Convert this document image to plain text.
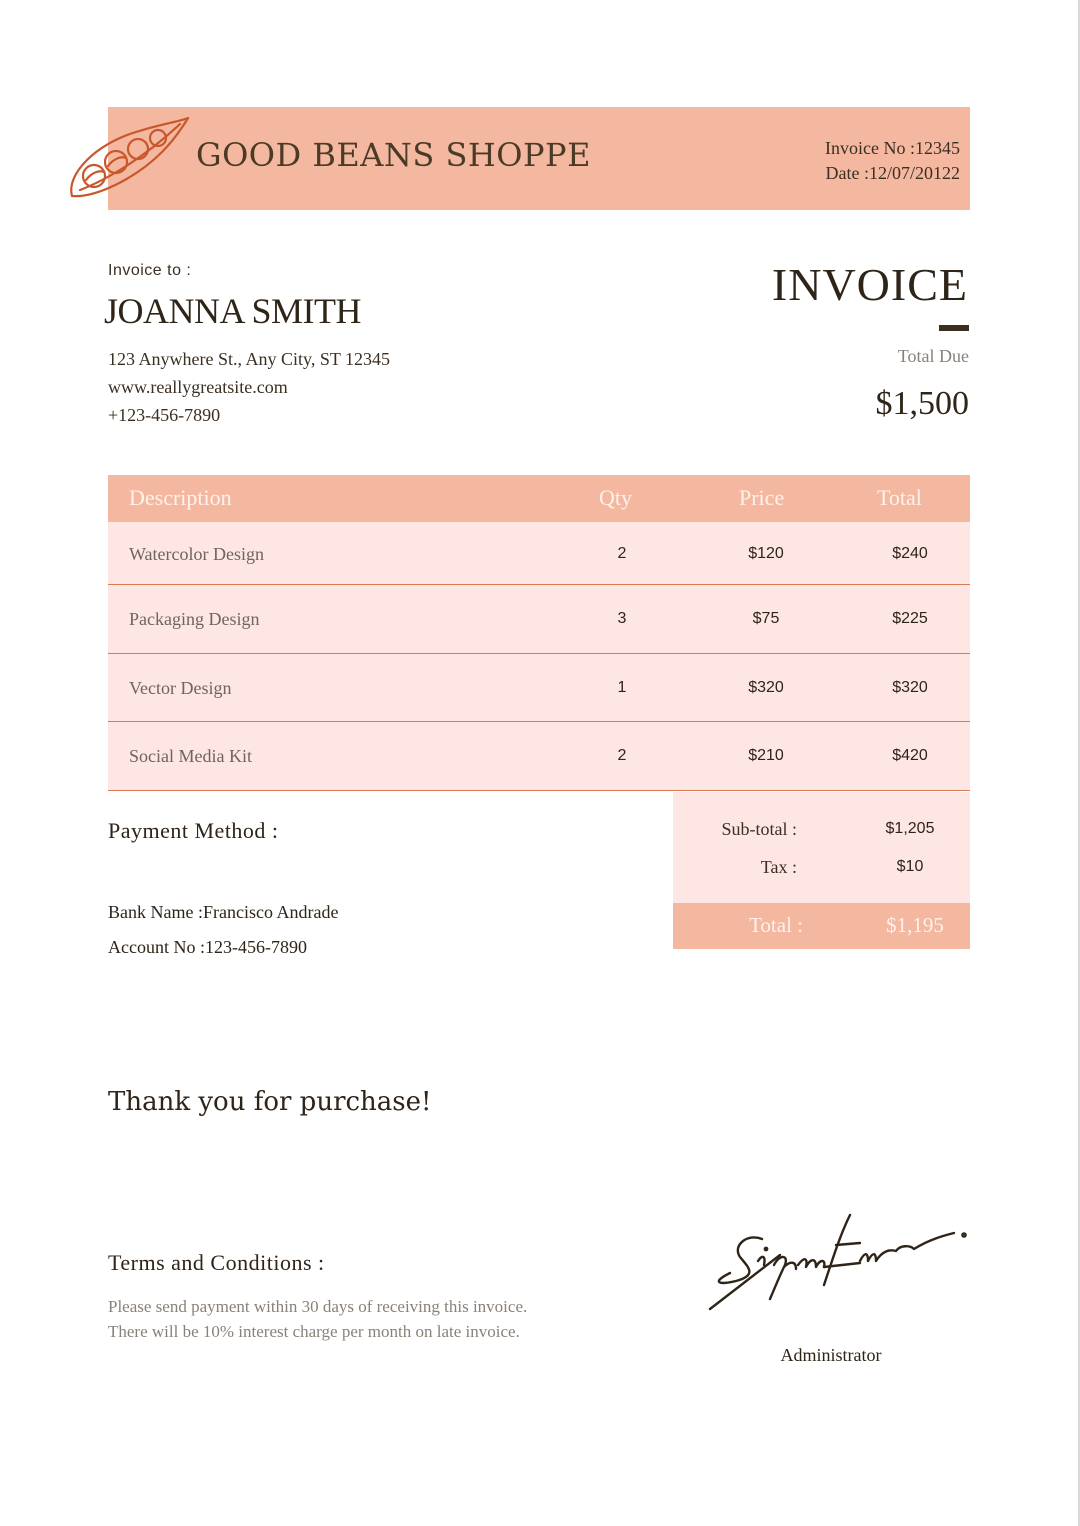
GOOD BEANS SHOPPE	Invoice No :12345
Date :12/07/20122
Invoice to :
JOANNA SMITH
123 Anywhere St., Any City, ST 12345
www.reallygreatsite.com
+123-456-7890
INVOICE
Total Due
$1,500
Description	Qty	Price	Total
Watercolor Design	2	$120	$240
Packaging Design	3	$75	$225
Vector Design	1	$320	$320
Social Media Kit	2	$210	$420
Sub-total :	$1,205
Tax :	$10
Total :	$1,195
Payment Method :
Bank Name :Francisco Andrade
Account No :123-456-7890
Thank you for purchase!
Terms and Conditions :
Please send payment within 30 days of receiving this invoice. There will be 10% interest charge per month on late invoice.
Administrator
